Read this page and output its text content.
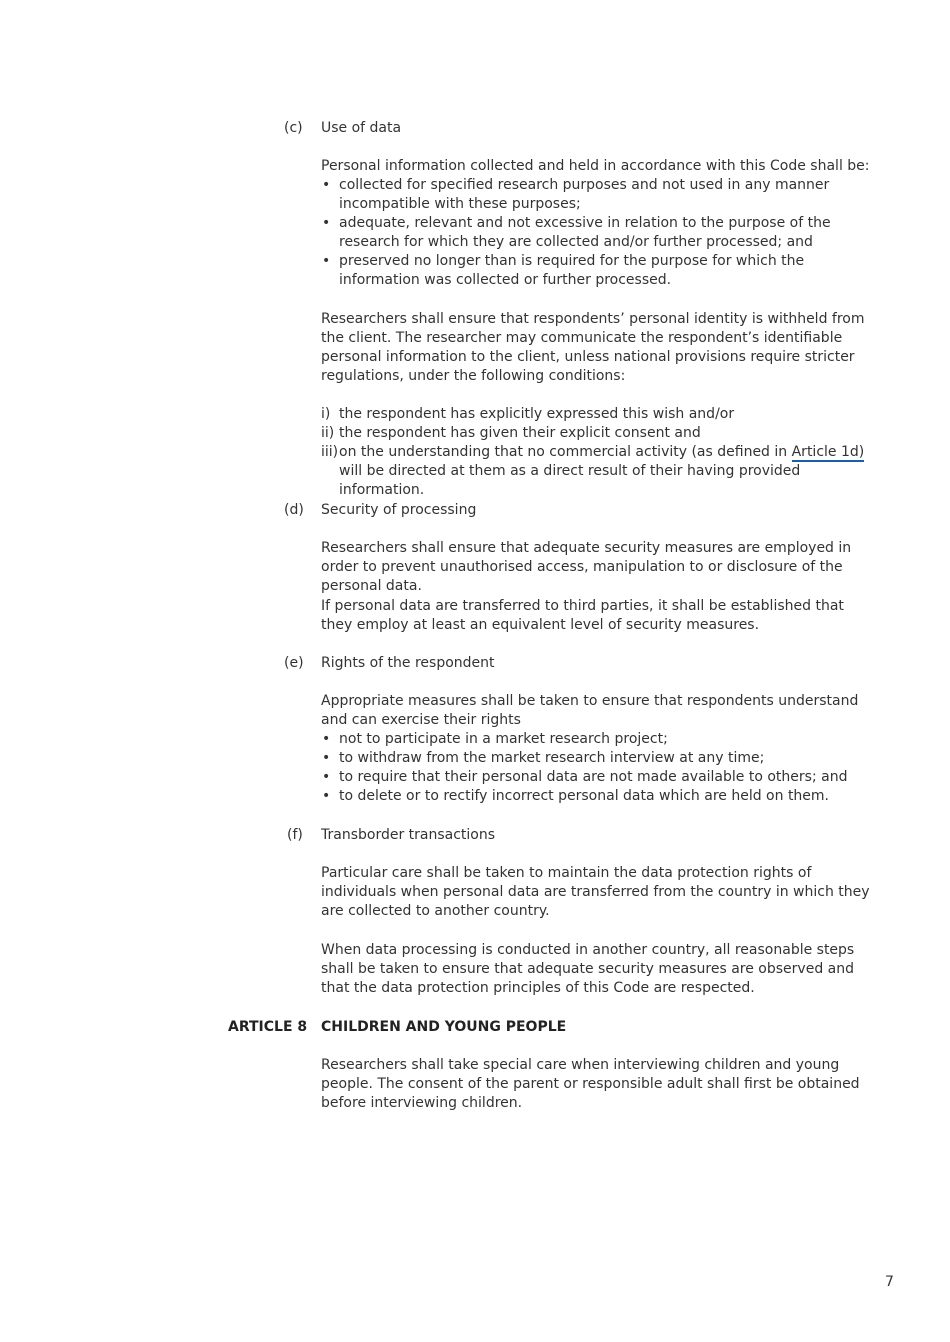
(c)	Use of data

Personal information collected and held in accordance with this Code shall be:

• collected for specified research purposes and not used in any manner incompatible with these purposes;
• adequate, relevant and not excessive in relation to the purpose of the research for which they are collected and/or further processed; and
• preserved no longer than is required for the purpose for which the information was collected or further processed.
Researchers shall ensure that respondents’ personal identity is withheld from the client. The researcher may communicate the respondent’s identifiable personal information to the client, unless national provisions require stricter regulations, under the following conditions:
i) the respondent has explicitly expressed this wish and/or
ii) the respondent has given their explicit consent and
iii) on the understanding that no commercial activity (as defined in Article 1d) will be directed at them as a direct result of their having provided information.
(d)	Security of processing
Researchers shall ensure that adequate security measures are employed in order to prevent unauthorised access, manipulation to or disclosure of the personal data.
If personal data are transferred to third parties, it shall be established that they employ at least an equivalent level of security measures.
(e)	Rights of the respondent

Appropriate measures shall be taken to ensure that respondents understand and can exercise their rights

• not to participate in a market research project;
• to withdraw from the market research interview at any time;
• to require that their personal data are not made available to others; and
• to delete or to rectify incorrect personal data which are held on them.
(f)	Transborder transactions
Particular care shall be taken to maintain the data protection rights of individuals when personal data are transferred from the country in which they are collected to another country.
When data processing is conducted in another country, all reasonable steps shall be taken to ensure that adequate security measures are observed and that the data protection principles of this Code are respected.
ARTICLE 8 CHILDREN AND YOUNG PEOPLE
Researchers shall take special care when interviewing children and young people. The consent of the parent or responsible adult shall first be obtained before interviewing children.
7
